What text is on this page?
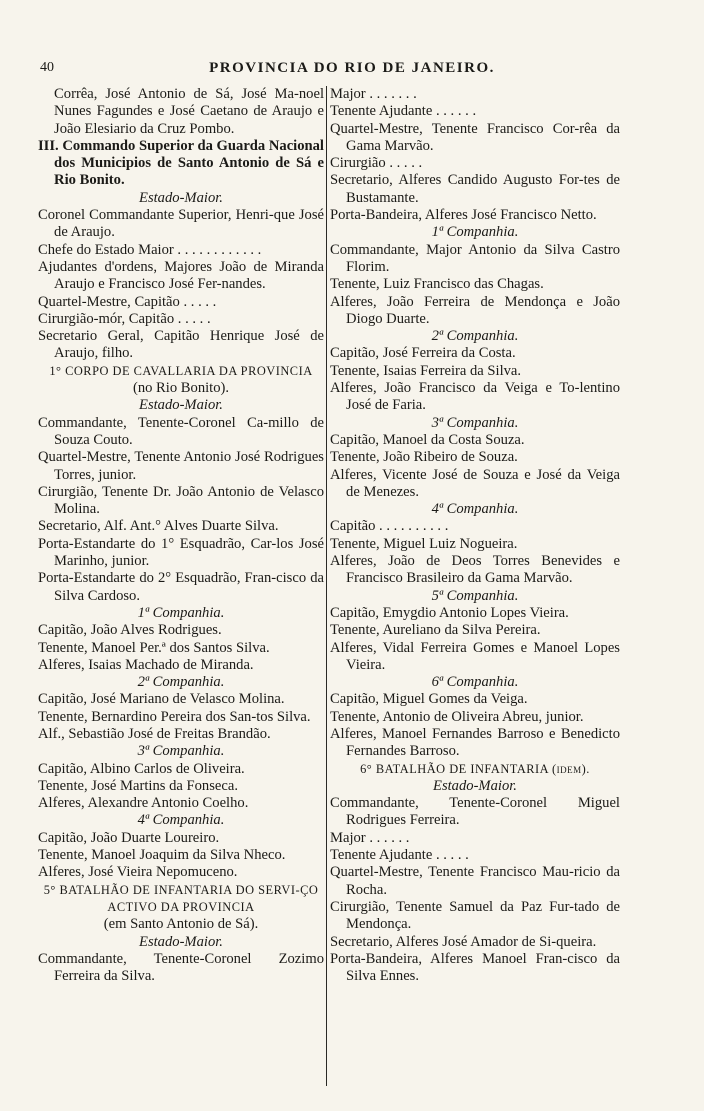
40	PROVINCIA DO RIO DE JANEIRO.

Corrêa, José Antonio de Sá, José Ma-noel Nunes Fagundes e José Caetano de Araujo e João Elesiario da Cruz Pombo.

III. Commando Superior da Guarda Nacional dos Municipios de Santo Antonio de Sá e Rio Bonito.

Estado-Maior.

Coronel Commandante Superior, Henri-que José de Araujo.

Chefe do Estado Maior . . . . . . . . . . . .

Ajudantes d'ordens, Majores João de Miranda Araujo e Francisco José Fer-nandes.

Quartel-Mestre, Capitão . . . . .

Cirurgião-mór, Capitão . . . . .

Secretario Geral, Capitão Henrique José de Araujo, filho.

1° CORPO DE CAVALLARIA DA PROVINCIA

(no Rio Bonito).

Estado-Maior.

Commandante, Tenente-Coronel Ca-millo de Souza Couto.

Quartel-Mestre, Tenente Antonio José Rodrigues Torres, junior.

Cirurgião, Tenente Dr. João Antonio de Velasco Molina.

Secretario, Alf. Ant.° Alves Duarte Silva.

Porta-Estandarte do 1° Esquadrão, Car-los José Marinho, junior.

Porta-Estandarte do 2° Esquadrão, Fran-cisco da Silva Cardoso.

1ª Companhia.

Capitão, João Alves Rodrigues.

Tenente, Manoel Per.ª dos Santos Silva.

Alferes, Isaias Machado de Miranda.

2ª Companhia.

Capitão, José Mariano de Velasco Molina.

Tenente, Bernardino Pereira dos San-tos Silva.

Alf., Sebastião José de Freitas Brandão.

3ª Companhia.

Capitão, Albino Carlos de Oliveira.

Tenente, José Martins da Fonseca.

Alferes, Alexandre Antonio Coelho.

4ª Companhia.

Capitão, João Duarte Loureiro.

Tenente, Manoel Joaquim da Silva Nheco.

Alferes, José Vieira Nepomuceno.

5° BATALHÃO DE INFANTARIA DO SERVI-ÇO ACTIVO DA PROVINCIA

(em Santo Antonio de Sá).

Estado-Maior.

Commandante, Tenente-Coronel Zozimo Ferreira da Silva.

Major . . . . . . .

Tenente Ajudante . . . . . .

Quartel-Mestre, Tenente Francisco Cor-rêa da Gama Marvão.

Cirurgião . . . . .

Secretario, Alferes Candido Augusto For-tes de Bustamante.

Porta-Bandeira, Alferes José Francisco Netto.

1ª Companhia.

Commandante, Major Antonio da Silva Castro Florim.

Tenente, Luiz Francisco das Chagas.

Alferes, João Ferreira de Mendonça e João Diogo Duarte.

2ª Companhia.

Capitão, José Ferreira da Costa.

Tenente, Isaias Ferreira da Silva.

Alferes, João Francisco da Veiga e To-lentino José de Faria.

3ª Companhia.

Capitão, Manoel da Costa Souza.

Tenente, João Ribeiro de Souza.

Alferes, Vicente José de Souza e José da Veiga de Menezes.

4ª Companhia.

Capitão . . . . . . . . . .

Tenente, Miguel Luiz Nogueira.

Alferes, João de Deos Torres Benevides e Francisco Brasileiro da Gama Marvão.

5ª Companhia.

Capitão, Emygdio Antonio Lopes Vieira.

Tenente, Aureliano da Silva Pereira.

Alferes, Vidal Ferreira Gomes e Manoel Lopes Vieira.

6ª Companhia.

Capitão, Miguel Gomes da Veiga.

Tenente, Antonio de Oliveira Abreu, junior.

Alferes, Manoel Fernandes Barroso e Benedicto Fernandes Barroso.

6° BATALHÃO DE INFANTARIA (idem).

Estado-Maior.

Commandante, Tenente-Coronel Miguel Rodrigues Ferreira.

Major . . . . . .

Tenente Ajudante . . . . .

Quartel-Mestre, Tenente Francisco Mau-ricio da Rocha.

Cirurgião, Tenente Samuel da Paz Fur-tado de Mendonça.

Secretario, Alferes José Amador de Si-queira.

Porta-Bandeira, Alferes Manoel Fran-cisco da Silva Ennes.
